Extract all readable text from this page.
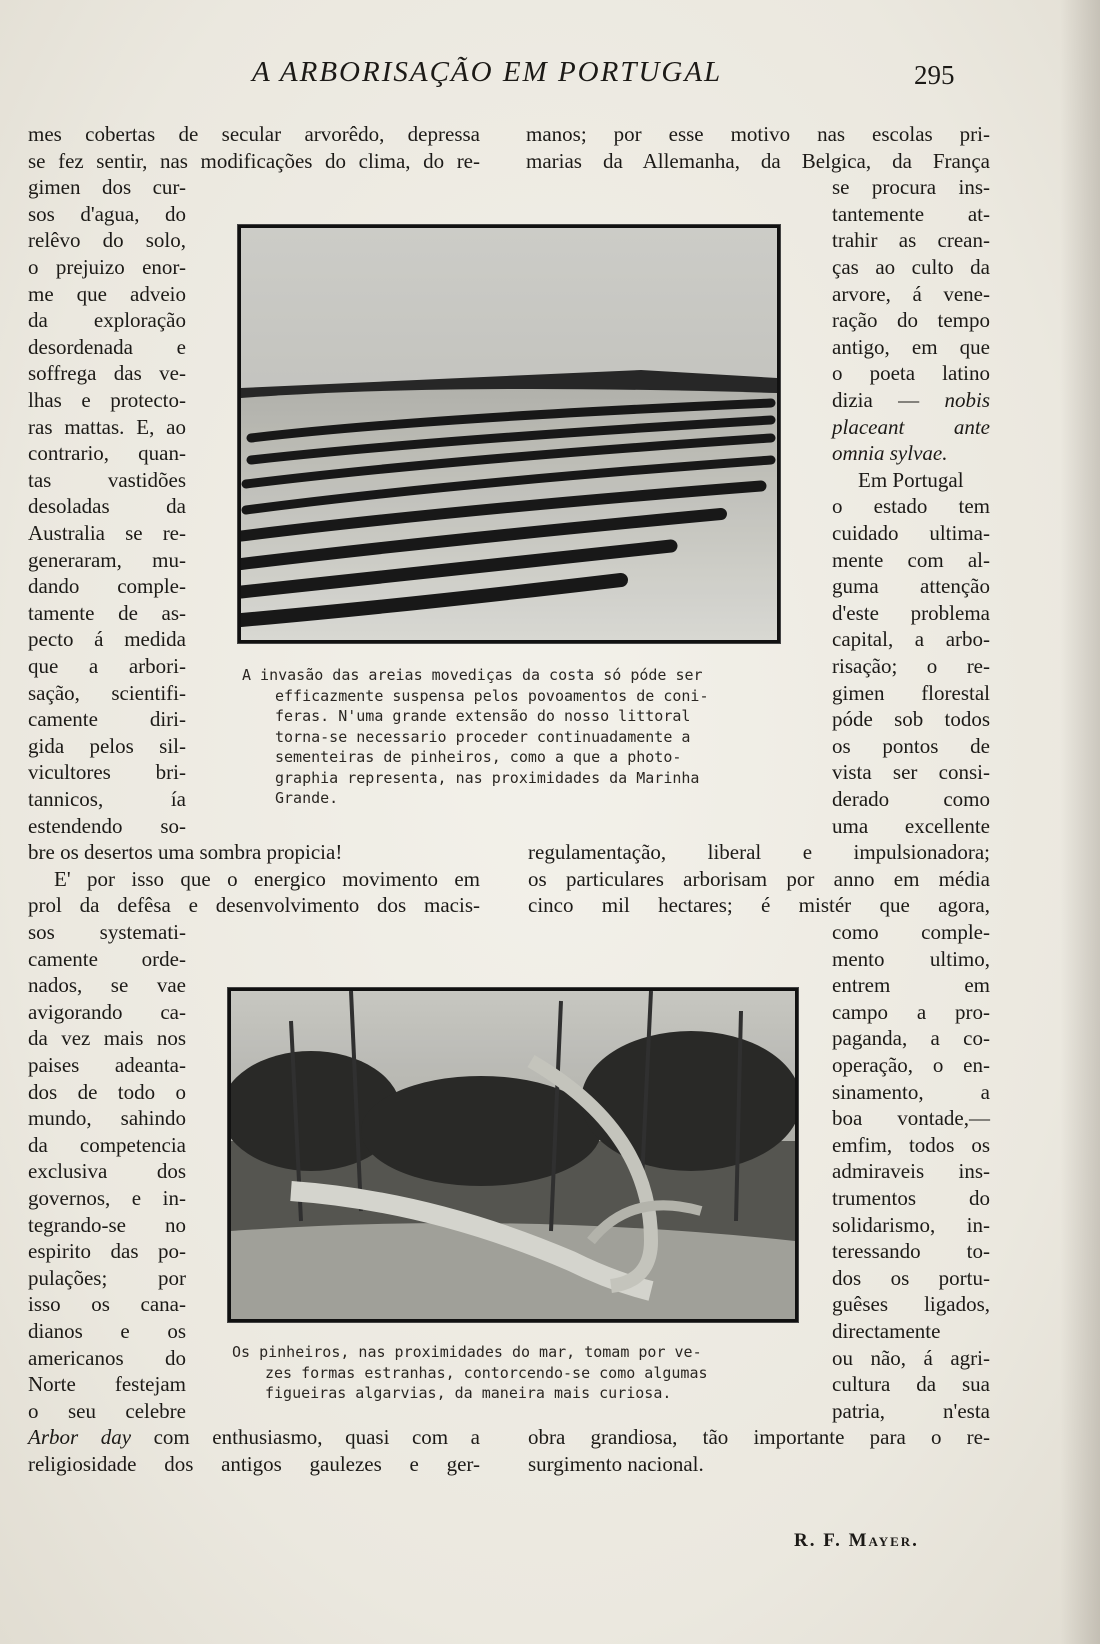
A ARBORISAÇÃO EM PORTUGAL	295
mes cobertas de secular arvorêdo, depressa
se fez sentir, nas modificações do clima, do re-
gimen dos cur-
sos d'agua, do
relêvo do solo,
o prejuizo enor-
me que adveio
da exploração
desordenada e
soffrega das ve-
lhas e protecto-
ras mattas. E, ao
contrario, quan-
tas vastidões
desoladas da
Australia se re-
generaram, mu-
dando comple-
tamente de as-
pecto á medida
que a arbori-
sação, scientifi-
camente diri-
gida pelos sil-
vicultores bri-
tannicos, ía
estendendo so-
bre os desertos uma sombra propicia!
E' por isso que o energico movimento em
prol da defêsa e desenvolvimento dos macis-
sos systemati-
camente orde-
nados, se vae
avigorando ca-
da vez mais nos
paises adeanta-
dos de todo o
mundo, sahindo
da competencia
exclusiva dos
governos, e in-
tegrando-se no
espirito das po-
pulações; por
isso os cana-
dianos e os
americanos do
Norte festejam
o seu celebre
Arbor day com enthusiasmo, quasi com a
religiosidade dos antigos gaulezes e ger-
manos; por esse motivo nas escolas pri-
marias da Allemanha, da Belgica, da França
se procura ins-
tantemente at-
trahir as crean-
ças ao culto da
arvore, á vene-
ração do tempo
antigo, em que
o poeta latino
dizia — nobis
placeant ante
omnia sylvae.
Em Portugal
o estado tem
cuidado ultima-
mente com al-
guma attenção
d'este problema
capital, a arbo-
risação; o re-
gimen florestal
póde sob todos
os pontos de
vista ser consi-
derado como
uma excellente
regulamentação, liberal e impulsionadora;
os particulares arborisam por anno em média
cinco mil hectares; é mistér que agora,
como comple-
mento ultimo,
entrem em
campo a pro-
paganda, a co-
operação, o en-
sinamento, a
boa vontade,—
emfim, todos os
admiraveis ins-
trumentos do
solidarismo, in-
teressando to-
dos os portu-
guêses ligados,
directamente
ou não, á agri-
cultura da sua
patria, n'esta
obra grandiosa, tão importante para o re-
surgimento nacional.
A invasão das areias movediças da costa só póde ser
efficazmente suspensa pelos povoamentos de coni-
feras. N'uma grande extensão do nosso littoral
torna-se necessario proceder continuadamente a
sementeiras de pinheiros, como a que a photo-
graphia representa, nas proximidades da Marinha
Grande.
Os pinheiros, nas proximidades do mar, tomam por ve-
zes formas estranhas, contorcendo-se como algumas
figueiras algarvias, da maneira mais curiosa.
R. F. Mayer.
